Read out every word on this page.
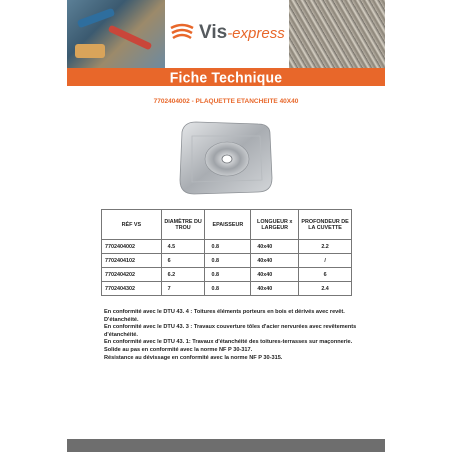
Vis-express
Fiche Technique
7702404002 - PLAQUETTE ETANCHEITE 40X40
RÉF VS	DIAMÈTRE DU TROU	EPAISSEUR	LONGUEUR x LARGEUR	PROFONDEUR DE LA CUVETTE
7702404002	4.5	0.8	40x40	2.2
7702404102	6	0.8	40x40	/
7702404202	6.2	0.8	40x40	6
7702404302	7	0.8	40x40	2.4

En conformité avec le DTU 43. 4 : Toitures éléments porteurs en bois et dérivés avec revêt. D'étanchéité.

En conformité avec le DTU 43. 3 : Travaux couverture tôles d'acier nervurées avec revêtements d'étanchéité.

En conformité avec le DTU 43. 1: Travaux d'étanchéité des toitures-terrasses sur maçonnerie.

Solide au pas en conformité avec la norme NF P 30-317.

Résistance au dévissage en conformité avec la norme NF P 30-315.
